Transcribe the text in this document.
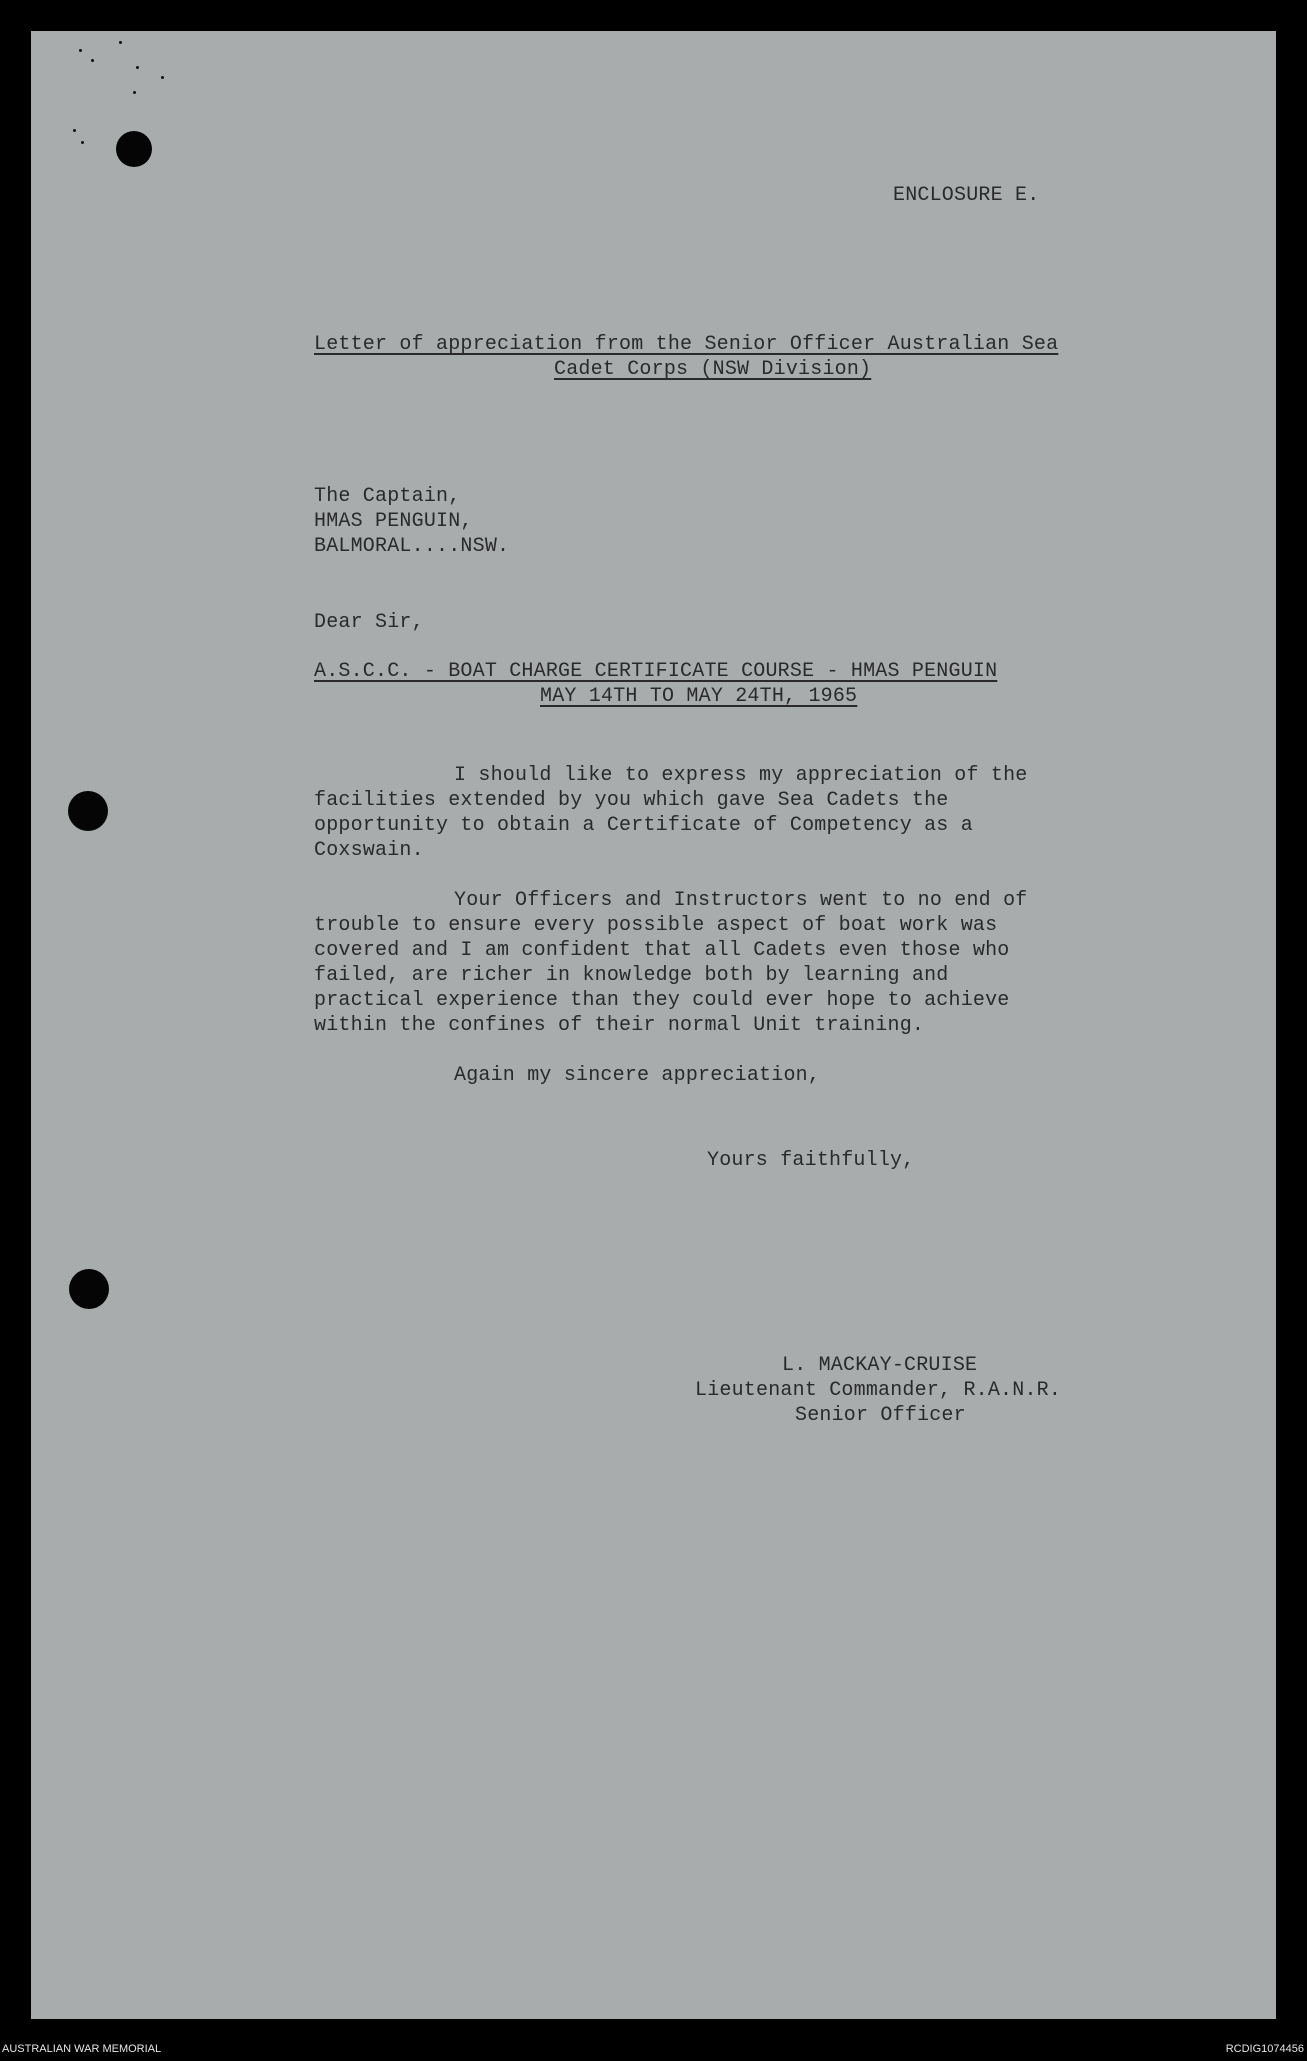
ENCLOSURE E.
Letter of appreciation from the Senior Officer Australian Sea
Cadet Corps (NSW Division)
The Captain,
HMAS PENGUIN,
BALMORAL....NSW.
Dear Sir,
A.S.C.C. - BOAT CHARGE CERTIFICATE COURSE - HMAS PENGUIN
MAY 14TH TO MAY 24TH, 1965
I should like to express my appreciation of the
facilities extended by you which gave Sea Cadets the
opportunity to obtain a Certificate of Competency as a
Coxswain.
Your Officers and Instructors went to no end of
trouble to ensure every possible aspect of boat work was
covered and I am confident that all Cadets even those who
failed, are richer in knowledge both by learning and
practical experience than they could ever hope to achieve
within the confines of their normal Unit training.
Again my sincere appreciation,
Yours faithfully,
L. MACKAY-CRUISE
Lieutenant Commander, R.A.N.R.
Senior Officer
AUSTRALIAN WAR MEMORIAL	RCDIG1074456
